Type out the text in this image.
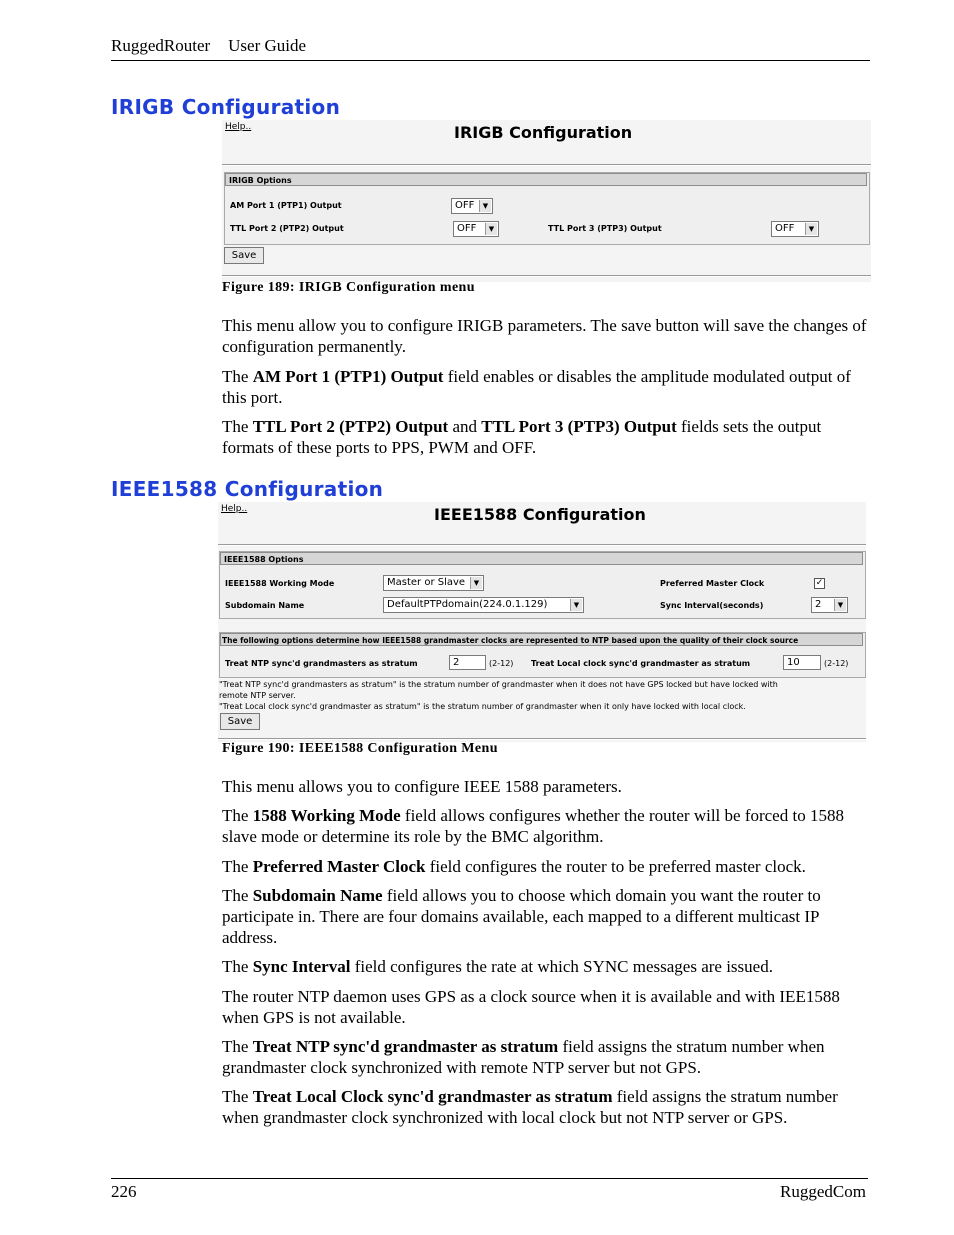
RuggedRouter User Guide
IRIGB Configuration
Help..	IRIGB Configuration
IRIGB Options
AM Port 1 (PTP1) Output	OFF	▼
TTL Port 2 (PTP2) Output	OFF	▼	TTL Port 3 (PTP3) Output	OFF	▼
Save
Figure 189: IRIGB Configuration menu
This menu allow you to configure IRIGB parameters. The save button will save the changes of configuration permanently.
The AM Port 1 (PTP1) Output field enables or disables the amplitude modulated output of this port.
The TTL Port 2 (PTP2) Output and TTL Port 3 (PTP3) Output fields sets the output formats of these ports to PPS, PWM and OFF.
IEEE1588 Configuration
Help..	IEEE1588 Configuration
IEEE1588 Options
IEEE1588 Working Mode	Master or Slave	▼	Preferred Master Clock	✓
Subdomain Name	DefaultPTPdomain(224.0.1.129)	▼	Sync Interval(seconds)	2	▼
The following options determine how IEEE1588 grandmaster clocks are represented to NTP based upon the quality of their clock source
Treat NTP sync'd grandmasters as stratum	2	(2-12) Treat Local clock sync'd grandmaster as stratum	10	(2-12)
"Treat NTP sync'd grandmasters as stratum" is the stratum number of grandmaster when it does not have GPS locked but have locked with
remote NTP server.
"Treat Local clock sync'd grandmaster as stratum" is the stratum number of grandmaster when it only have locked with local clock.
Save
Figure 190: IEEE1588 Configuration Menu
This menu allows you to configure IEEE 1588 parameters.
The 1588 Working Mode field allows configures whether the router will be forced to 1588 slave mode or determine its role by the BMC algorithm.
The Preferred Master Clock field configures the router to be preferred master clock.
The Subdomain Name field allows you to choose which domain you want the router to participate in. There are four domains available, each mapped to a different multicast IP address.
The Sync Interval field configures the rate at which SYNC messages are issued.
The router NTP daemon uses GPS as a clock source when it is available and with IEE1588 when GPS is not available.
The Treat NTP sync'd grandmaster as stratum field assigns the stratum number when grandmaster clock synchronized with remote NTP server but not GPS.
The Treat Local Clock sync'd grandmaster as stratum field assigns the stratum number when grandmaster clock synchronized with local clock but not NTP server or GPS.
226	RuggedCom
